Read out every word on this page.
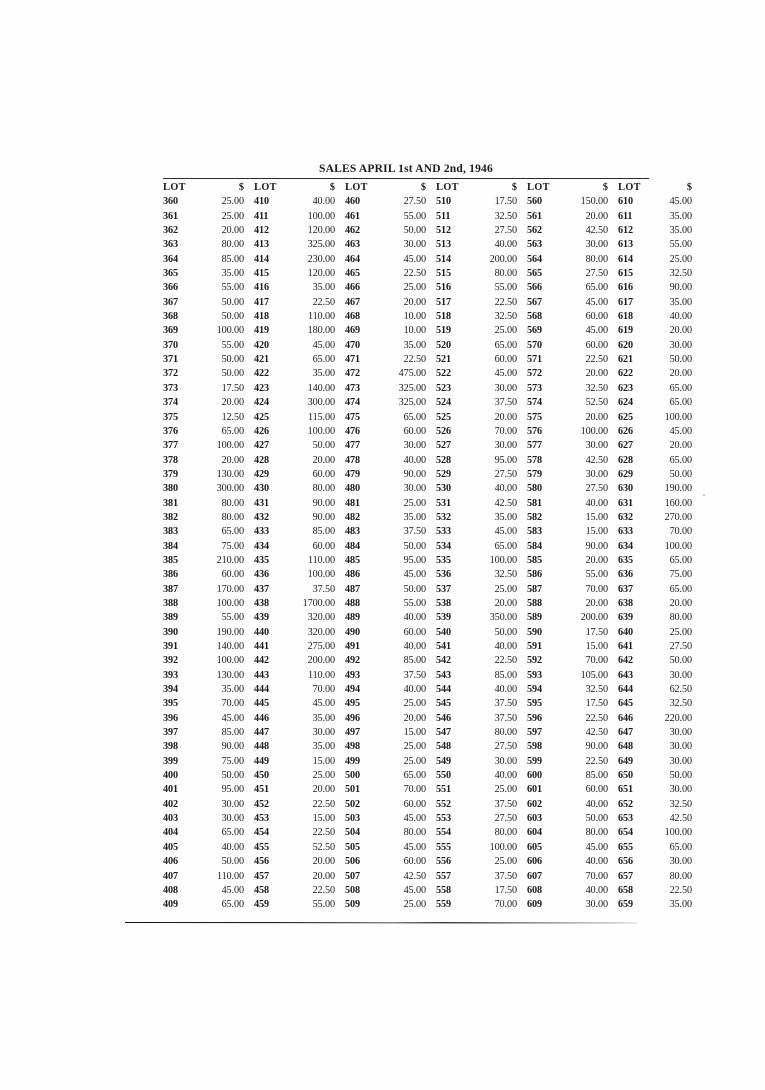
SALES APRIL 1st AND 2nd, 1946
LOT	$		LOT	$		LOT	$		LOT	$		LOT	$		LOT	$
360	25.00		410	40.00		460	27.50		510	17.50		560	150.00		610	45.00
361	25.00		411	100.00		461	55.00		511	32.50		561	20.00		611	35.00
362	20.00		412	120.00		462	50.00		512	27.50		562	42.50		612	35.00
363	80.00		413	325.00		463	30.00		513	40.00		563	30.00		613	55.00
364	85.00		414	230.00		464	45.00		514	200.00		564	80.00		614	25.00
365	35.00		415	120.00		465	22.50		515	80.00		565	27.50		615	32.50
366	55.00		416	35.00		466	25.00		516	55.00		566	65.00		616	90.00
367	50.00		417	22.50		467	20.00		517	22.50		567	45.00		617	35.00
368	50.00		418	110.00		468	10.00		518	32.50		568	60.00		618	40.00
369	100.00		419	180.00		469	10.00		519	25.00		569	45.00		619	20.00
370	55.00		420	45.00		470	35.00		520	65.00		570	60.00		620	30.00
371	50.00		421	65.00		471	22.50		521	60.00		571	22.50		621	50.00
372	50.00		422	35.00		472	475.00		522	45.00		572	20.00		622	20.00
373	17.50		423	140.00		473	325.00		523	30.00		573	32.50		623	65.00
374	20.00		424	300.00		474	325.00		524	37.50		574	52.50		624	65.00
375	12.50		425	115.00		475	65.00		525	20.00		575	20.00		625	100.00
376	65.00		426	100.00		476	60.00		526	70.00		576	100.00		626	45.00
377	100.00		427	50.00		477	30.00		527	30.00		577	30.00		627	20.00
378	20.00		428	20.00		478	40.00		528	95.00		578	42.50		628	65.00
379	130.00		429	60.00		479	90.00		529	27.50		579	30.00		629	50.00
380	300.00		430	80.00		480	30.00		530	40.00		580	27.50		630	190.00
381	80.00		431	90.00		481	25.00		531	42.50		581	40.00		631	160.00
382	80.00		432	90.00		482	35.00		532	35.00		582	15.00		632	270.00
383	65.00		433	85.00		483	37.50		533	45.00		583	15.00		633	70.00
384	75.00		434	60.00		484	50.00		534	65.00		584	90.00		634	100.00
385	210.00		435	110.00		485	95.00		535	100.00		585	20.00		635	65.00
386	60.00		436	100.00		486	45.00		536	32.50		586	55.00		636	75.00
387	170.00		437	37.50		487	50.00		537	25.00		587	70.00		637	65.00
388	100.00		438	1700.00		488	55.00		538	20.00		588	20.00		638	20.00
389	55.00		439	320.00		489	40.00		539	350.00		589	200.00		639	80.00
390	190.00		440	320.00		490	60.00		540	50.00		590	17.50		640	25.00
391	140.00		441	275.00		491	40.00		541	40.00		591	15.00		641	27.50
392	100.00		442	200.00		492	85.00		542	22.50		592	70.00		642	50.00
393	130.00		443	110.00		493	37.50		543	85.00		593	105.00		643	30.00
394	35.00		444	70.00		494	40.00		544	40.00		594	32.50		644	62.50
395	70.00		445	45.00		495	25.00		545	37.50		595	17.50		645	32.50
396	45.00		446	35.00		496	20.00		546	37.50		596	22.50		646	220.00
397	85.00		447	30.00		497	15.00		547	80.00		597	42.50		647	30.00
398	90.00		448	35.00		498	25.00		548	27.50		598	90.00		648	30.00
399	75.00		449	15.00		499	25.00		549	30.00		599	22.50		649	30.00
400	50.00		450	25.00		500	65.00		550	40.00		600	85.00		650	50.00
401	95.00		451	20.00		501	70.00		551	25.00		601	60.00		651	30.00
402	30.00		452	22.50		502	60.00		552	37.50		602	40.00		652	32.50
403	30.00		453	15.00		503	45.00		553	27.50		603	50.00		653	42.50
404	65.00		454	22.50		504	80.00		554	80.00		604	80.00		654	100.00
405	40.00		455	52.50		505	45.00		555	100.00		605	45.00		655	65.00
406	50.00		456	20.00		506	60.00		556	25.00		606	40.00		656	30.00
407	110.00		457	20.00		507	42.50		557	37.50		607	70.00		657	80.00
408	45.00		458	22.50		508	45.00		558	17.50		608	40.00		658	22.50
409	65.00		459	55.00		509	25.00		559	70.00		609	30.00		659	35.00
